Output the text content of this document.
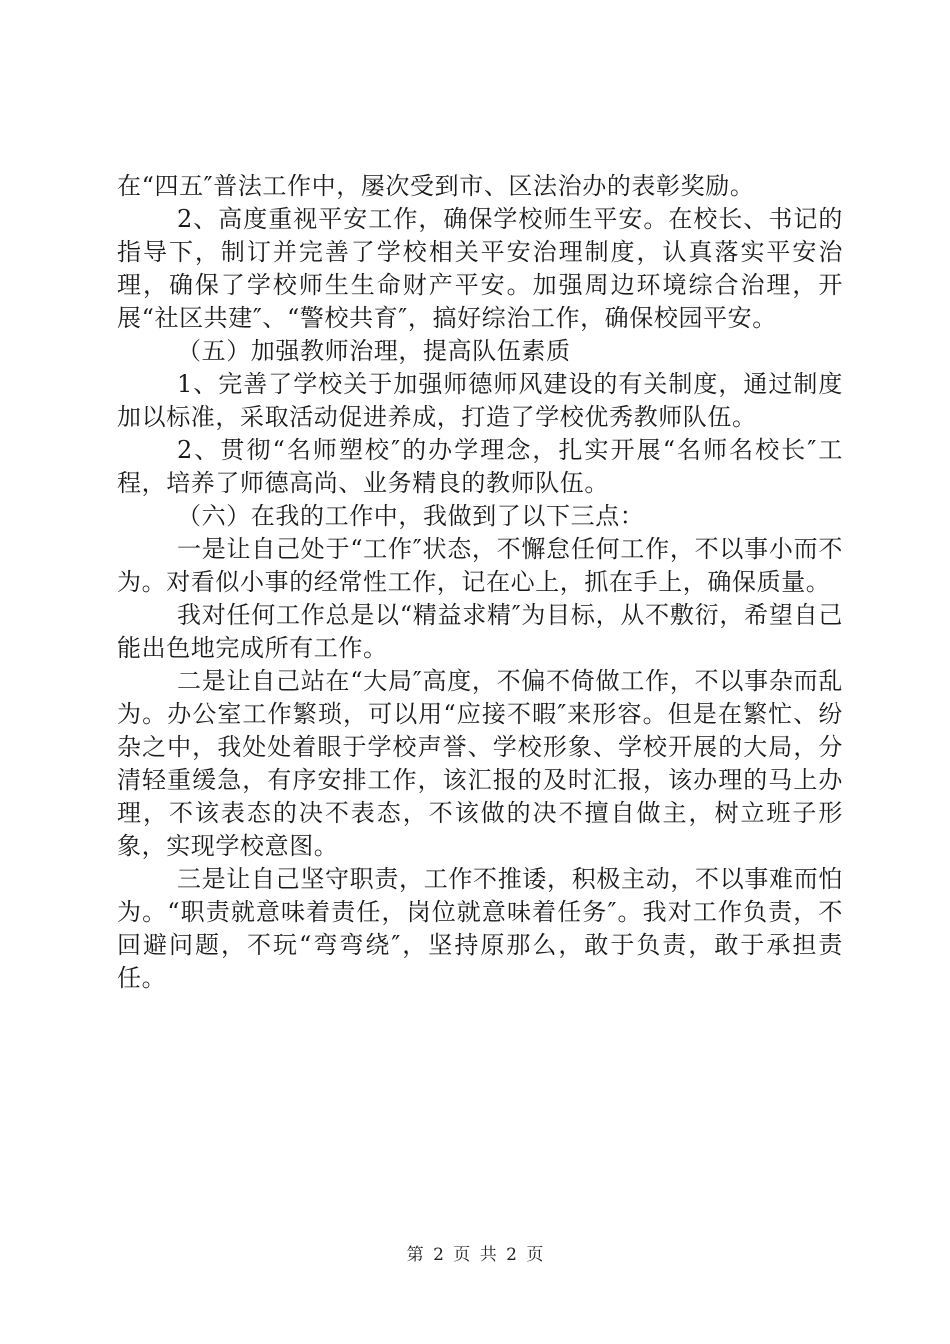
在“四五″普法工作中，屡次受到市、区法治办的表彰奖励。

2、高度重视平安工作，确保学校师生平安。在校长、书记的指导下，制订并完善了学校相关平安治理制度，认真落实平安治理，确保了学校师生生命财产平安。加强周边环境综合治理，开展“社区共建″、“警校共育″，搞好综治工作，确保校园平安。

（五）加强教师治理，提高队伍素质

1、完善了学校关于加强师德师风建设的有关制度，通过制度加以标准，采取活动促进养成，打造了学校优秀教师队伍。

2、贯彻“名师塑校″的办学理念，扎实开展“名师名校长″工程，培养了师德高尚、业务精良的教师队伍。

（六）在我的工作中，我做到了以下三点：

一是让自己处于“工作″状态，不懈怠任何工作，不以事小而不为。对看似小事的经常性工作，记在心上，抓在手上，确保质量。

我对任何工作总是以“精益求精″为目标，从不敷衍，希望自己能出色地完成所有工作。

二是让自己站在“大局″高度，不偏不倚做工作，不以事杂而乱为。办公室工作繁琐，可以用“应接不暇″来形容。但是在繁忙、纷杂之中，我处处着眼于学校声誉、学校形象、学校开展的大局，分清轻重缓急，有序安排工作，该汇报的及时汇报，该办理的马上办理，不该表态的决不表态，不该做的决不擅自做主，树立班子形象，实现学校意图。

三是让自己坚守职责，工作不推诿，积极主动，不以事难而怕为。“职责就意味着责任，岗位就意味着任务″。我对工作负责，不回避问题，不玩“弯弯绕″，坚持原那么，敢于负责，敢于承担责任。

第 2 页 共 2 页
